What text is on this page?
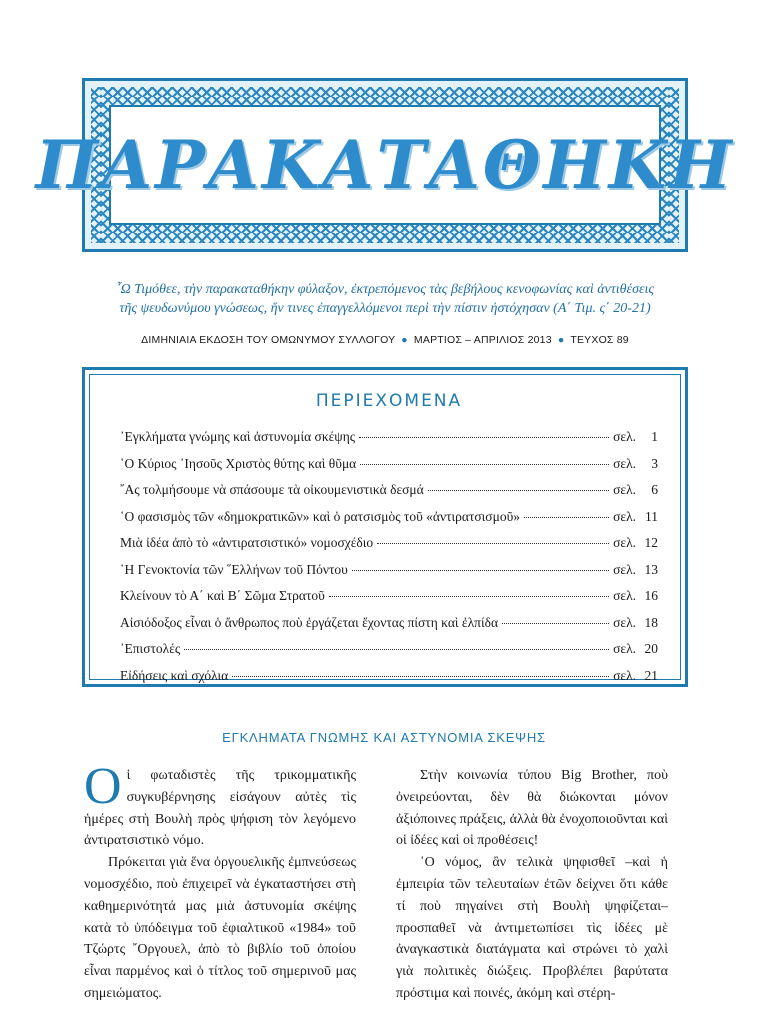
ΠΑΡΑΚΑΤΑΘΗΚΗ
῏Ω Τιμόθεε, τὴν παρακαταθήκην φύλαξον, ἐκτρεπόμενος τὰς βεβήλους κενοφωνίας καὶ ἀντιθέσεις
τῆς ψευδωνύμου γνώσεως, ἥν τινες ἐπαγγελλόμενοι περὶ τὴν πίστιν ἠστόχησαν (Α΄ Τιμ. ς΄ 20-21)
ΔΙΜΗΝΙΑΙΑ ΕΚΔΟΣΗ ΤΟΥ ΟΜΩΝΥΜΟΥ ΣΥΛΛΟΓΟΥ ● ΜΑΡΤΙΟΣ – ΑΠΡΙΛΙΟΣ 2013 ● ΤΕΥΧΟΣ 89
ΠΕΡΙΕΧΟΜΕΝΑ
᾿Εγκλήματα γνώμης καὶ ἀστυνομία σκέψης	σελ.	1
῾Ο Κύριος ᾿Ιησοῦς Χριστὸς θύτης καὶ θῦμα	σελ.	3
῎Ας τολμήσουμε νὰ σπάσουμε τὰ οἰκουμενιστικὰ δεσμά	σελ.	6
῾Ο φασισμὸς τῶν «δημοκρατικῶν» καὶ ὁ ρατσισμὸς τοῦ «ἀντιρατσισμοῦ»	σελ. 11
Μιὰ ἰδέα ἀπὸ τὸ «ἀντιρατσιστικό» νομοσχέδιο	σελ. 12
῾Η Γενοκτονία τῶν ῞Ελλήνων τοῦ Πόντου	σελ. 13
Κλείνουν τὸ Α΄ καὶ Β΄ Σῶμα Στρατοῦ	σελ. 16
Αἰσιόδοξος εἶναι ὁ ἄνθρωπος ποὺ ἐργάζεται ἔχοντας πίστη καὶ ἐλπίδα	σελ. 18
᾿Επιστολές	σελ. 20
Εἰδήσεις καὶ σχόλια	σελ. 21
ΕΓΚΛΗΜΑΤΑ ΓΝΩΜΗΣ ΚΑΙ ΑΣΤΥΝΟΜΙΑ ΣΚΕΨΗΣ

Οἱ φωταδιστὲς τῆς τρικομματικῆς συγκυβέρνησης εἰσάγουν αὐτὲς τὶς ἡμέρες στὴ Βουλὴ πρὸς ψήφιση τὸν λεγόμενο ἀντιρατσιστικὸ νόμο.

Πρόκειται γιὰ ἕνα ὀργουελικῆς ἐμπνεύσεως νομοσχέδιο, ποὺ ἐπιχειρεῖ νὰ ἐγκαταστήσει στὴ καθημερινότητά μας μιὰ ἀστυνομία σκέψης κατὰ τὸ ὑπόδειγμα τοῦ ἐφιαλτικοῦ «1984» τοῦ Τζώρτς ῎Οργουελ, ἀπὸ τὸ βιβλίο τοῦ ὁποίου εἶναι παρμένος καὶ ὁ τίτλος τοῦ σημερινοῦ μας σημειώματος.

Στὴν κοινωνία τύπου Big Brother, ποὺ ὀνειρεύονται, δὲν θὰ διώκονται μόνον ἀξιόποινες πράξεις, ἀλλὰ θὰ ἐνοχοποιοῦνται καὶ οἱ ἰδέες καὶ οἱ προθέσεις!

῾Ο νόμος, ἂν τελικὰ ψηφισθεῖ –καὶ ἡ ἐμπειρία τῶν τελευταίων ἐτῶν δείχνει ὅτι κάθε τί ποὺ πηγαίνει στὴ Βουλὴ ψηφίζεται– προσπαθεῖ νὰ ἀντιμετωπίσει τὶς ἰδέες μὲ ἀναγκαστικὰ διατάγματα καὶ στρώνει τὸ χαλὶ γιὰ πολιτικὲς διώξεις. Προβλέπει βαρύτατα πρόστιμα καὶ ποινές, ἀκόμη καὶ στέρη-
